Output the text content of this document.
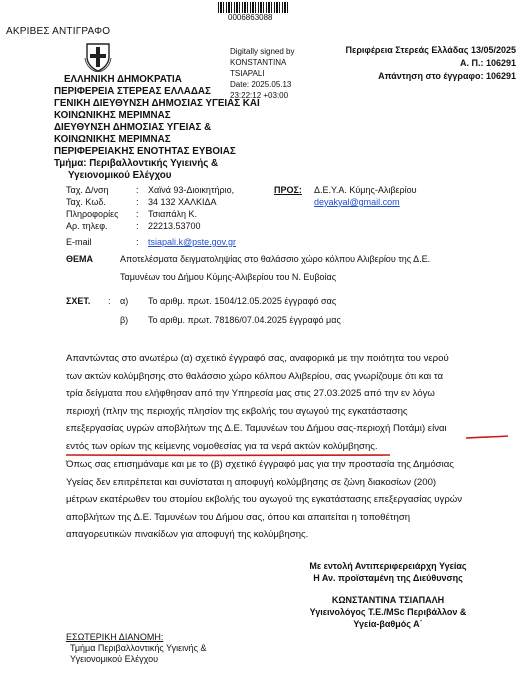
0006863088
ΑΚΡΙΒΕΣ ΑΝΤΙΓΡΑΦΟ
Digitally signed by
KONSTANTINA
TSIAPALI
Date: 2025.05.13
23:22:12 +03:00
Περιφέρεια Στερεάς Ελλάδας 13/05/2025
Α. Π.: 106291
Απάντηση στο έγγραφο: 106291
ΕΛΛΗΝΙΚΗ ΔΗΜΟΚΡΑΤΙΑ
ΠΕΡΙΦΕΡΕΙΑ ΣΤΕΡΕΑΣ ΕΛΛΑΔΑΣ
ΓΕΝΙΚΗ ΔΙΕΥΘΥΝΣΗ ΔΗΜΟΣΙΑΣ ΥΓΕΙΑΣ ΚΑΙ
ΚΟΙΝΩΝΙΚΗΣ ΜΕΡΙΜΝΑΣ
ΔΙΕΥΘΥΝΣΗ ΔΗΜΟΣΙΑΣ ΥΓΕΙΑΣ &
ΚΟΙΝΩΝΙΚΗΣ ΜΕΡΙΜΝΑΣ
ΠΕΡΙΦΕΡΕΙΑΚΗΣ ΕΝΟΤΗΤΑΣ ΕΥΒΟΙΑΣ
Τμήμα: Περιβαλλοντικής Υγιεινής &
Υγειονομικού Ελέγχου
Ταχ. Δ/νση	:	Χαϊνά 93-Διοικητήριο,
Ταχ. Κωδ.	:	34 132 ΧΑΛΚΙΔΑ
Πληροφορίες	:	Τσιαπάλη Κ.
Αρ. τηλεφ.	:	22213.53700
E-mail	:	tsiapali.k@pste.gov.gr
ΠΡΟΣ:	Δ.Ε.Υ.Α. Κύμης-Αλιβερίου
deyakyal@gmail.com
ΘΕΜΑ	Αποτελέσματα δειγματοληψίας στο θαλάσσιο χώρο κόλπου Αλιβερίου της Δ.Ε.
Ταμυνέων του Δήμου Κύμης-Αλιβερίου του Ν. Ευβοίας
ΣΧΕΤ.	:	α)	Το αριθμ. πρωτ. 1504/12.05.2025 έγγραφό σας
β)	Το αριθμ. πρωτ. 78186/07.04.2025 έγγραφό μας
Απαντώντας στο ανωτέρω (α) σχετικό έγγραφό σας, αναφορικά με την ποιότητα του νερού
των ακτών κολύμβησης στο θαλάσσιο χώρο κόλπου Αλιβερίου, σας γνωρίζουμε ότι και τα
τρία δείγματα που ελήφθησαν από την Υπηρεσία μας στις 27.03.2025 από την εν λόγω
περιοχή (πλην της περιοχής πλησίον της εκβολής του αγωγού της εγκατάστασης
επεξεργασίας υγρών αποβλήτων της Δ.Ε. Ταμυνέων του Δήμου σας-περιοχή Ποτάμι) είναι
εντός των ορίων της κείμενης νομοθεσίας για τα νερά ακτών κολύμβησης.
Όπως σας επισημάναμε και με το (β) σχετικό έγγραφό μας για την προστασία της Δημόσιας
Υγείας δεν επιτρέπεται και συνίσταται η αποφυγή κολύμβησης σε ζώνη διακοσίων (200)
μέτρων εκατέρωθεν του στομίου εκβολής του αγωγού της εγκατάστασης επεξεργασίας υγρών
αποβλήτων της Δ.Ε. Ταμυνέων του Δήμου σας, όπου και απαιτείται η τοποθέτηση
απαγορευτικών πινακίδων για αποφυγή της κολύμβησης.
Με εντολή Αντιπεριφερειάρχη Υγείας
Η Αν. προϊσταμένη της Διεύθυνσης
ΚΩΝΣΤΑΝΤΙΝΑ ΤΣΙΑΠΑΛΗ
Υγιεινολόγος Τ.Ε./MSc Περιβάλλον &
Υγεία-βαθμός Α΄
ΕΣΩΤΕΡΙΚΗ ΔΙΑΝΟΜΗ:
Τμήμα Περιβαλλοντικής Υγιεινής &
Υγειονομικού Ελέγχου
